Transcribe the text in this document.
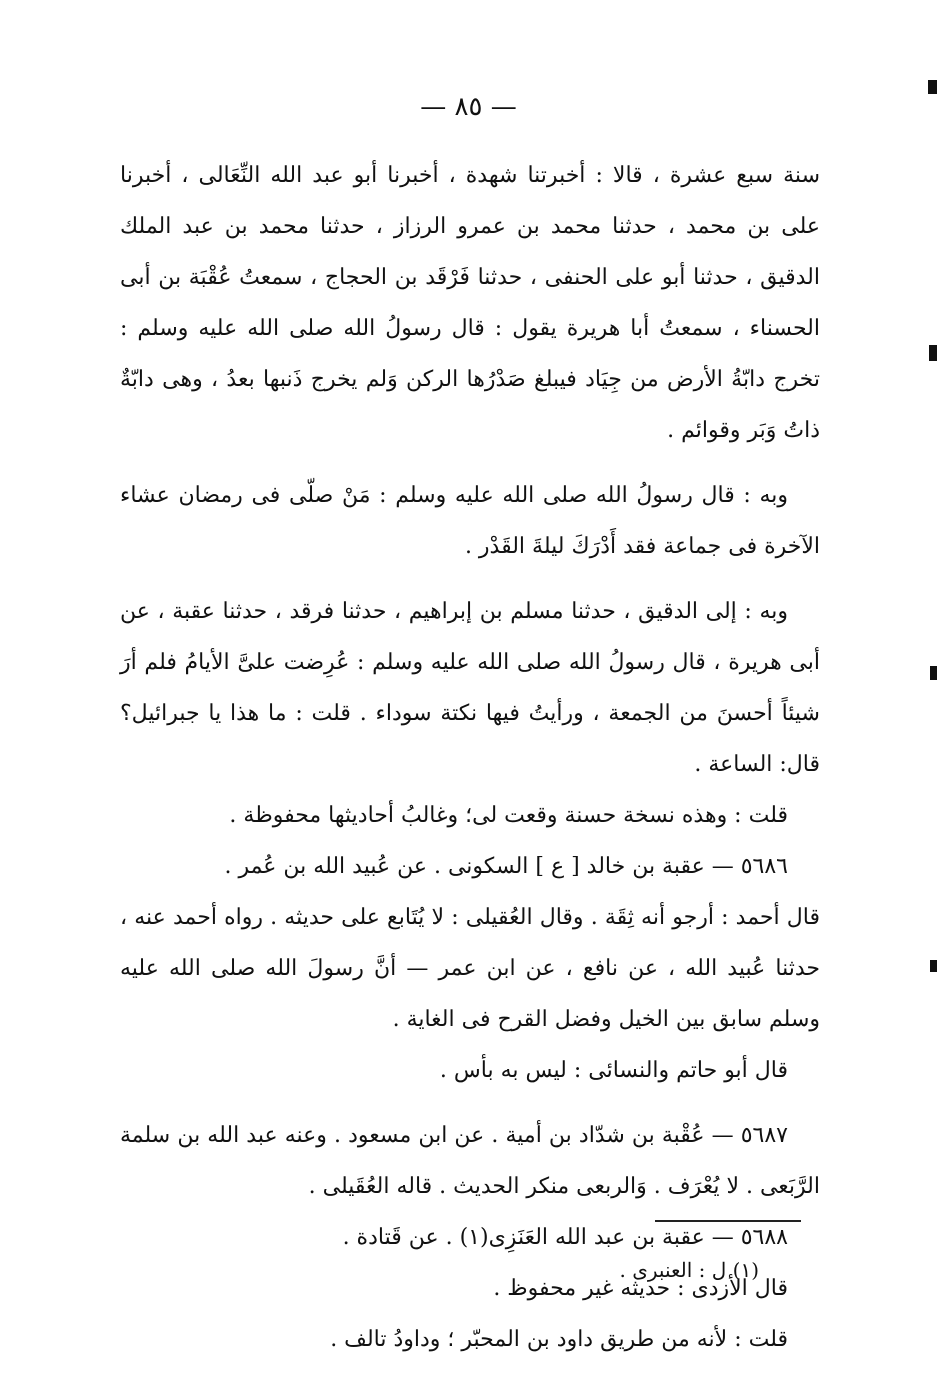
— ٨٥ —

سنة سبع عشرة ، قالا : أخبرتنا شهدة ، أخبرنا أبو عبد الله النِّعَالى ، أخبرنا على بن محمد ، حدثنا محمد بن عمرو الرزاز ، حدثنا محمد بن عبد الملك الدقيق ، حدثنا أبو على الحنفى ، حدثنا فَرْقَد بن الحجاج ، سمعتُ عُقْبَة بن أبى الحسناء ، سمعتُ أبا هريرة يقول : قال رسولُ الله صلى الله عليه وسلم : تخرج دابّةُ الأرض من جِيَاد فيبلغ صَدْرُها الركن وَلم يخرج ذَنبها بعدُ ، وهى دابّةٌ ذاتُ وَبَر وقوائم .

وبه : قال رسولُ الله صلى الله عليه وسلم : مَنْ صلّى فى رمضان عشاء الآخرة فى جماعة فقد أَدْرَكَ ليلةَ القَدْر .

وبه : إلى الدقيق ، حدثنا مسلم بن إبراهيم ، حدثنا فرقد ، حدثنا عقبة ، عن أبى هريرة ، قال رسولُ الله صلى الله عليه وسلم : عُرِضت علىَّ الأيامُ فلم أرَ شيئاً أحسنَ من الجمعة ، ورأيتُ فيها نكتة سوداء . قلت : ما هذا يا جبرائيل؟ قال: الساعة .

قلت : وهذه نسخة حسنة وقعت لى؛ وغالبُ أحاديثها محفوظة .

٥٦٨٦ — عقبة بن خالد [ ع ] السكونى . عن عُبيد الله بن عُمر .

قال أحمد : أرجو أنه ثِقَة . وقال العُقيلى : لا يُتَابع على حديثه . رواه أحمد عنه ، حدثنا عُبيد الله ، عن نافع ، عن ابن عمر — أنَّ رسولَ الله صلى الله عليه وسلم سابق بين الخيل وفضل القرح فى الغاية .

قال أبو حاتم والنسائى : ليس به بأس .

٥٦٨٧ — عُقْبة بن شدّاد بن أمية . عن ابن مسعود . وعنه عبد الله بن سلمة الرَّبَعى . لا يُعْرَف . وَالربعى منكر الحديث . قاله العُقَيلى .

٥٦٨٨ — عقبة بن عبد الله العَنَزِى(١) . عن قَتادة .

قال الأزدى : حديثه غير محفوظ .

قلت : لأنه من طريق داود بن المحبّر ؛ وداودُ تالف .

(١) ل : العنبرى .
